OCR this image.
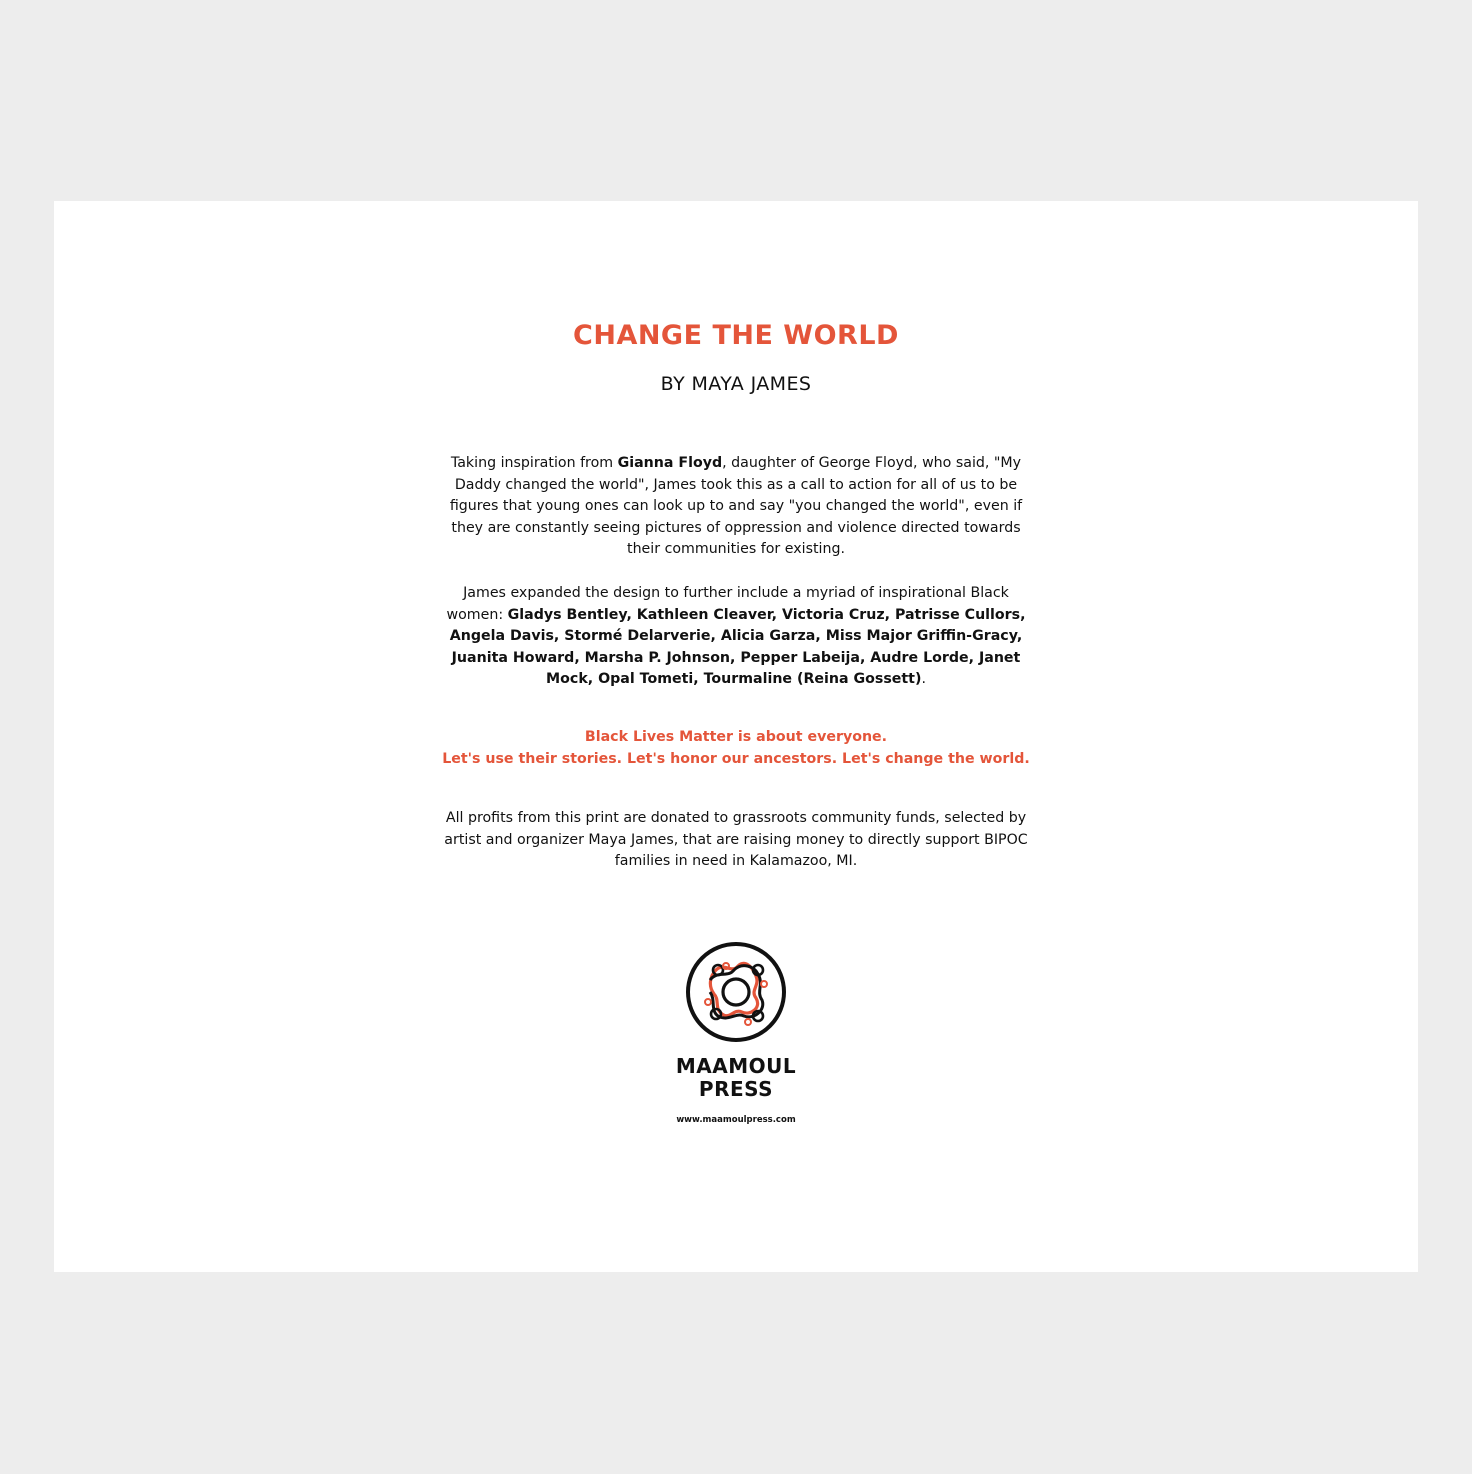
CHANGE THE WORLD
BY MAYA JAMES
Taking inspiration from Gianna Floyd, daughter of George Floyd, who said, "My Daddy changed the world", James took this as a call to action for all of us to be figures that young ones can look up to and say "you changed the world", even if they are constantly seeing pictures of oppression and violence directed towards their communities for existing.
James expanded the design to further include a myriad of inspirational Black women: Gladys Bentley, Kathleen Cleaver, Victoria Cruz, Patrisse Cullors, Angela Davis, Stormé Delarverie, Alicia Garza, Miss Major Griffin-Gracy, Juanita Howard, Marsha P. Johnson, Pepper Labeija, Audre Lorde, Janet Mock, Opal Tometi, Tourmaline (Reina Gossett).
Black Lives Matter is about everyone.
Let's use their stories. Let's honor our ancestors. Let's change the world.
All profits from this print are donated to grassroots community funds, selected by artist and organizer Maya James, that are raising money to directly support BIPOC families in need in Kalamazoo, MI.
MAAMOUL
PRESS
www.maamoulpress.com
